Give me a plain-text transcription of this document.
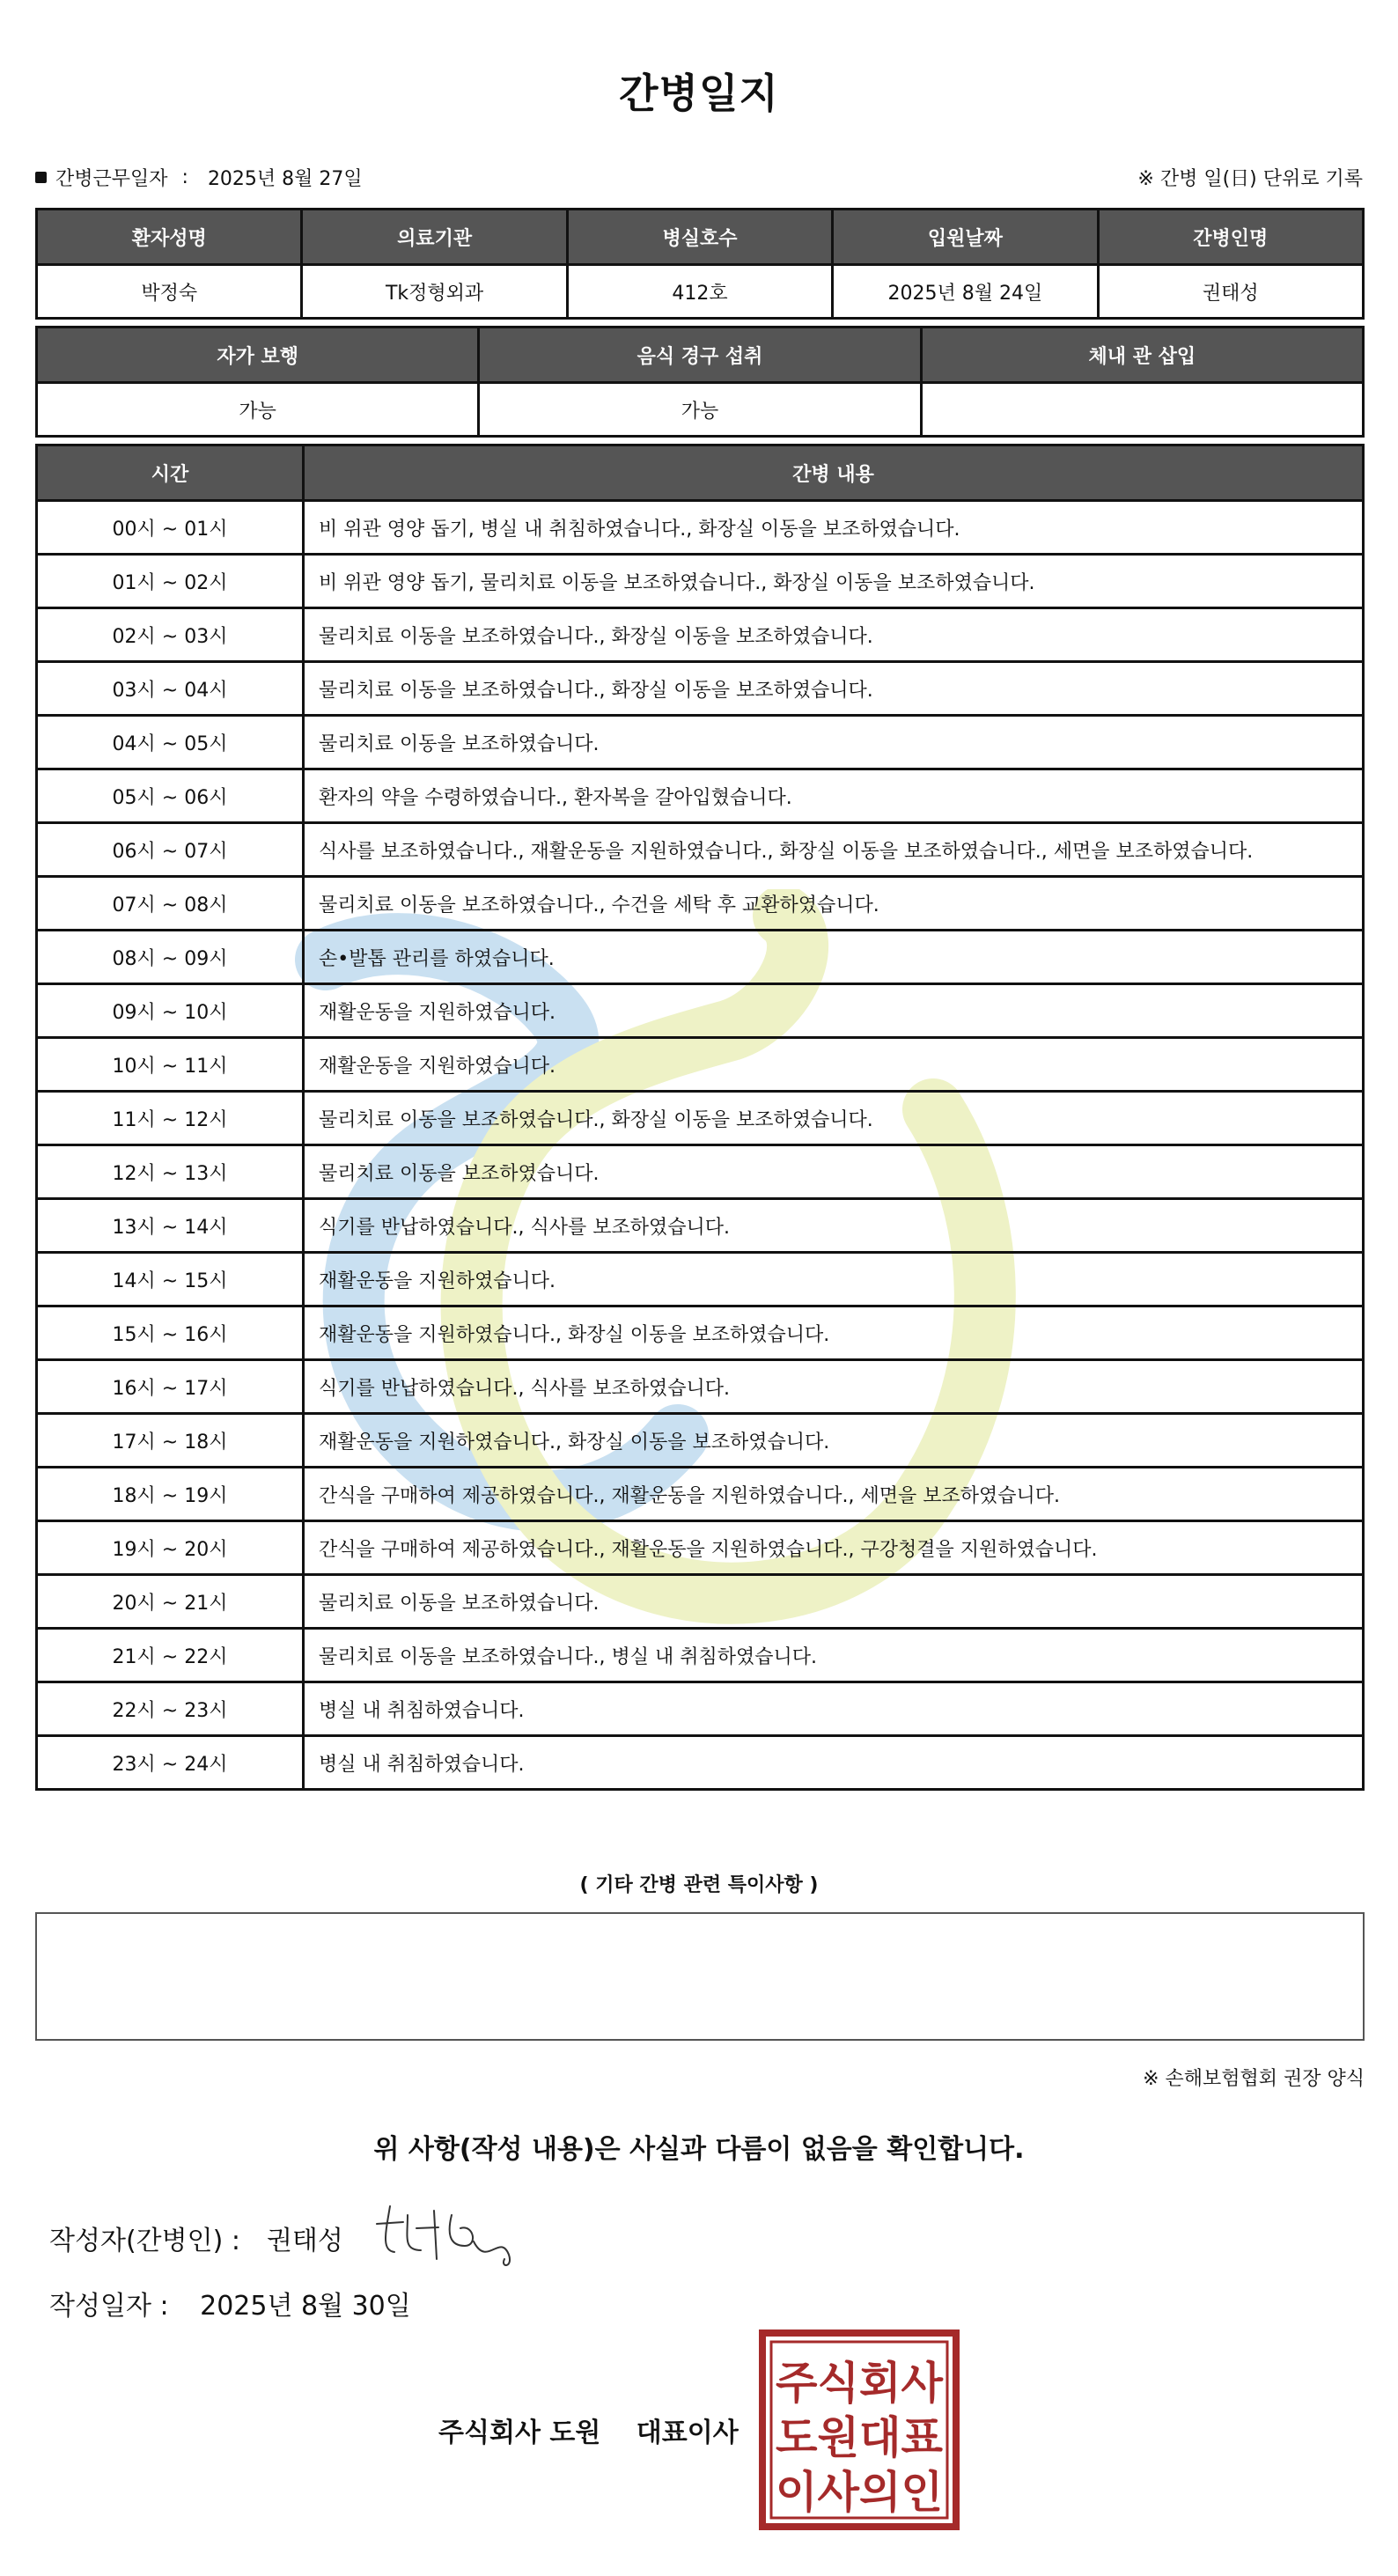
간병일지
간병근무일자 : 2025년 8월 27일	※ 간병 일(日) 단위로 기록
환자성명	의료기관	병실호수	입원날짜	간병인명
박정숙	Tk정형외과	412호	2025년 8월 24일	권태성
자가 보행	음식 경구 섭취	체내 관 삽입
가능	가능	
시간	간병 내용
00시 ~ 01시	비 위관 영양 돕기, 병실 내 취침하였습니다., 화장실 이동을 보조하였습니다.
01시 ~ 02시	비 위관 영양 돕기, 물리치료 이동을 보조하였습니다., 화장실 이동을 보조하였습니다.
02시 ~ 03시	물리치료 이동을 보조하였습니다., 화장실 이동을 보조하였습니다.
03시 ~ 04시	물리치료 이동을 보조하였습니다., 화장실 이동을 보조하였습니다.
04시 ~ 05시	물리치료 이동을 보조하였습니다.
05시 ~ 06시	환자의 약을 수령하였습니다., 환자복을 갈아입혔습니다.
06시 ~ 07시	식사를 보조하였습니다., 재활운동을 지원하였습니다., 화장실 이동을 보조하였습니다., 세면을 보조하였습니다.
07시 ~ 08시	물리치료 이동을 보조하였습니다., 수건을 세탁 후 교환하였습니다.
08시 ~ 09시	손•발톱 관리를 하였습니다.
09시 ~ 10시	재활운동을 지원하였습니다.
10시 ~ 11시	재활운동을 지원하였습니다.
11시 ~ 12시	물리치료 이동을 보조하였습니다., 화장실 이동을 보조하였습니다.
12시 ~ 13시	물리치료 이동을 보조하였습니다.
13시 ~ 14시	식기를 반납하였습니다., 식사를 보조하였습니다.
14시 ~ 15시	재활운동을 지원하였습니다.
15시 ~ 16시	재활운동을 지원하였습니다., 화장실 이동을 보조하였습니다.
16시 ~ 17시	식기를 반납하였습니다., 식사를 보조하였습니다.
17시 ~ 18시	재활운동을 지원하였습니다., 화장실 이동을 보조하였습니다.
18시 ~ 19시	간식을 구매하여 제공하였습니다., 재활운동을 지원하였습니다., 세면을 보조하였습니다.
19시 ~ 20시	간식을 구매하여 제공하였습니다., 재활운동을 지원하였습니다., 구강청결을 지원하였습니다.
20시 ~ 21시	물리치료 이동을 보조하였습니다.
21시 ~ 22시	물리치료 이동을 보조하였습니다., 병실 내 취침하였습니다.
22시 ~ 23시	병실 내 취침하였습니다.
23시 ~ 24시	병실 내 취침하였습니다.
( 기타 간병 관련 특이사항 )
※ 손해보험협회 권장 양식
위 사항(작성 내용)은 사실과 다름이 없음을 확인합니다.
작성자(간병인) : 권태성
작성일자 : 2025년 8월 30일
주식회사 도원 대표이사
주식회사
도원대표
이사의인
